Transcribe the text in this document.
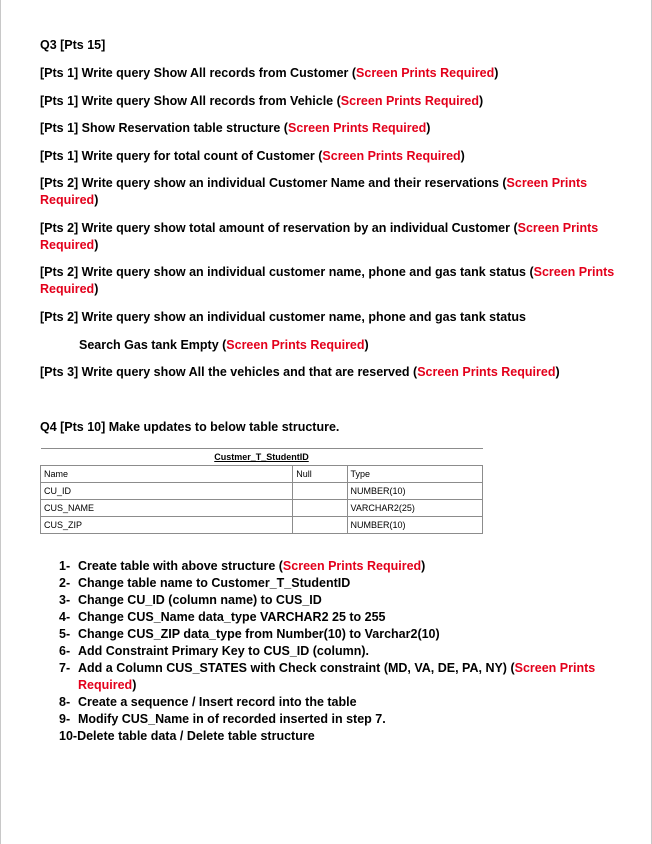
Q3 [Pts 15]
[Pts 1] Write query Show All records from Customer (Screen Prints Required)
[Pts 1] Write query Show All records from Vehicle (Screen Prints Required)
[Pts 1] Show Reservation table structure (Screen Prints Required)
[Pts 1] Write query for total count of Customer (Screen Prints Required)
[Pts 2] Write query show an individual Customer Name and their reservations (Screen Prints Required)
[Pts 2] Write query show total amount of reservation by an individual Customer (Screen Prints Required)
[Pts 2] Write query show an individual customer name, phone and gas tank status (Screen Prints Required)
[Pts 2] Write query show an individual customer name, phone and gas tank status
Search Gas tank Empty (Screen Prints Required)
[Pts 3] Write query show All the vehicles and that are reserved (Screen Prints Required)
Q4 [Pts 10] Make updates to below table structure.
Custmer_T_StudentID		
Name	Null	Type
CU_ID		NUMBER(10)
CUS_NAME		VARCHAR2(25)
CUS_ZIP		NUMBER(10)
1- Create table with above structure (Screen Prints Required)
2- Change table name to Customer_T_StudentID
3- Change CU_ID (column name) to CUS_ID
4- Change CUS_Name data_type VARCHAR2 25 to 255
5- Change CUS_ZIP data_type from Number(10) to Varchar2(10)
6- Add Constraint Primary Key to CUS_ID (column).
7- Add a Column CUS_STATES with Check constraint (MD, VA, DE, PA, NY) (Screen Prints Required)
8- Create a sequence / Insert record into the table
9- Modify CUS_Name in of recorded inserted in step 7.
10-Delete table data / Delete table structure
